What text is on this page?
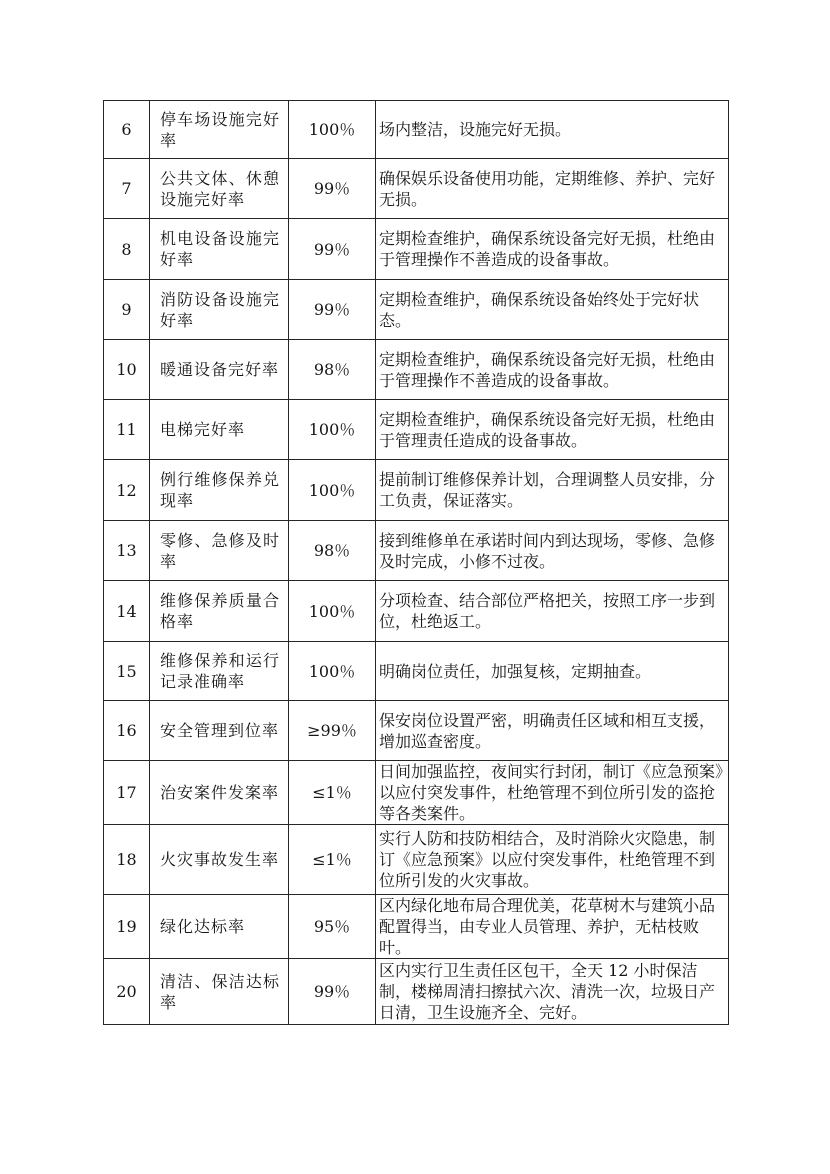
6	停车场设施完好率	100％	场内整洁，设施完好无损。
7	公共文体、休憩设施完好率	99％	确保娱乐设备使用功能，定期维修、养护、完好无损。
8	机电设备设施完好率	99％	定期检查维护，确保系统设备完好无损，杜绝由于管理操作不善造成的设备事故。
9	消防设备设施完好率	99％	定期检查维护，确保系统设备始终处于完好状态。
10	暖通设备完好率	98％	定期检查维护，确保系统设备完好无损，杜绝由于管理操作不善造成的设备事故。
11	电梯完好率	100％	定期检查维护，确保系统设备完好无损，杜绝由于管理责任造成的设备事故。
12	例行维修保养兑现率	100％	提前制订维修保养计划，合理调整人员安排，分工负责，保证落实。
13	零修、急修及时率	98％	接到维修单在承诺时间内到达现场，零修、急修及时完成，小修不过夜。
14	维修保养质量合格率	100％	分项检查、结合部位严格把关，按照工序一步到位，杜绝返工。
15	维修保养和运行记录准确率	100％	明确岗位责任，加强复核，定期抽查。
16	安全管理到位率	≥99％	保安岗位设置严密，明确责任区域和相互支援，增加巡查密度。
17	治安案件发案率	≤1％	日间加强监控，夜间实行封闭，制订《应急预案》以应付突发事件，杜绝管理不到位所引发的盗抢等各类案件。
18	火灾事故发生率	≤1％	实行人防和技防相结合，及时消除火灾隐患，制订《应急预案》以应付突发事件，杜绝管理不到位所引发的火灾事故。
19	绿化达标率	95％	区内绿化地布局合理优美，花草树木与建筑小品配置得当，由专业人员管理、养护，无枯枝败叶。
20	清洁、保洁达标率	99％	区内实行卫生责任区包干，全天 12 小时保洁制，楼梯周清扫擦拭六次、清洗一次，垃圾日产日清，卫生设施齐全、完好。
